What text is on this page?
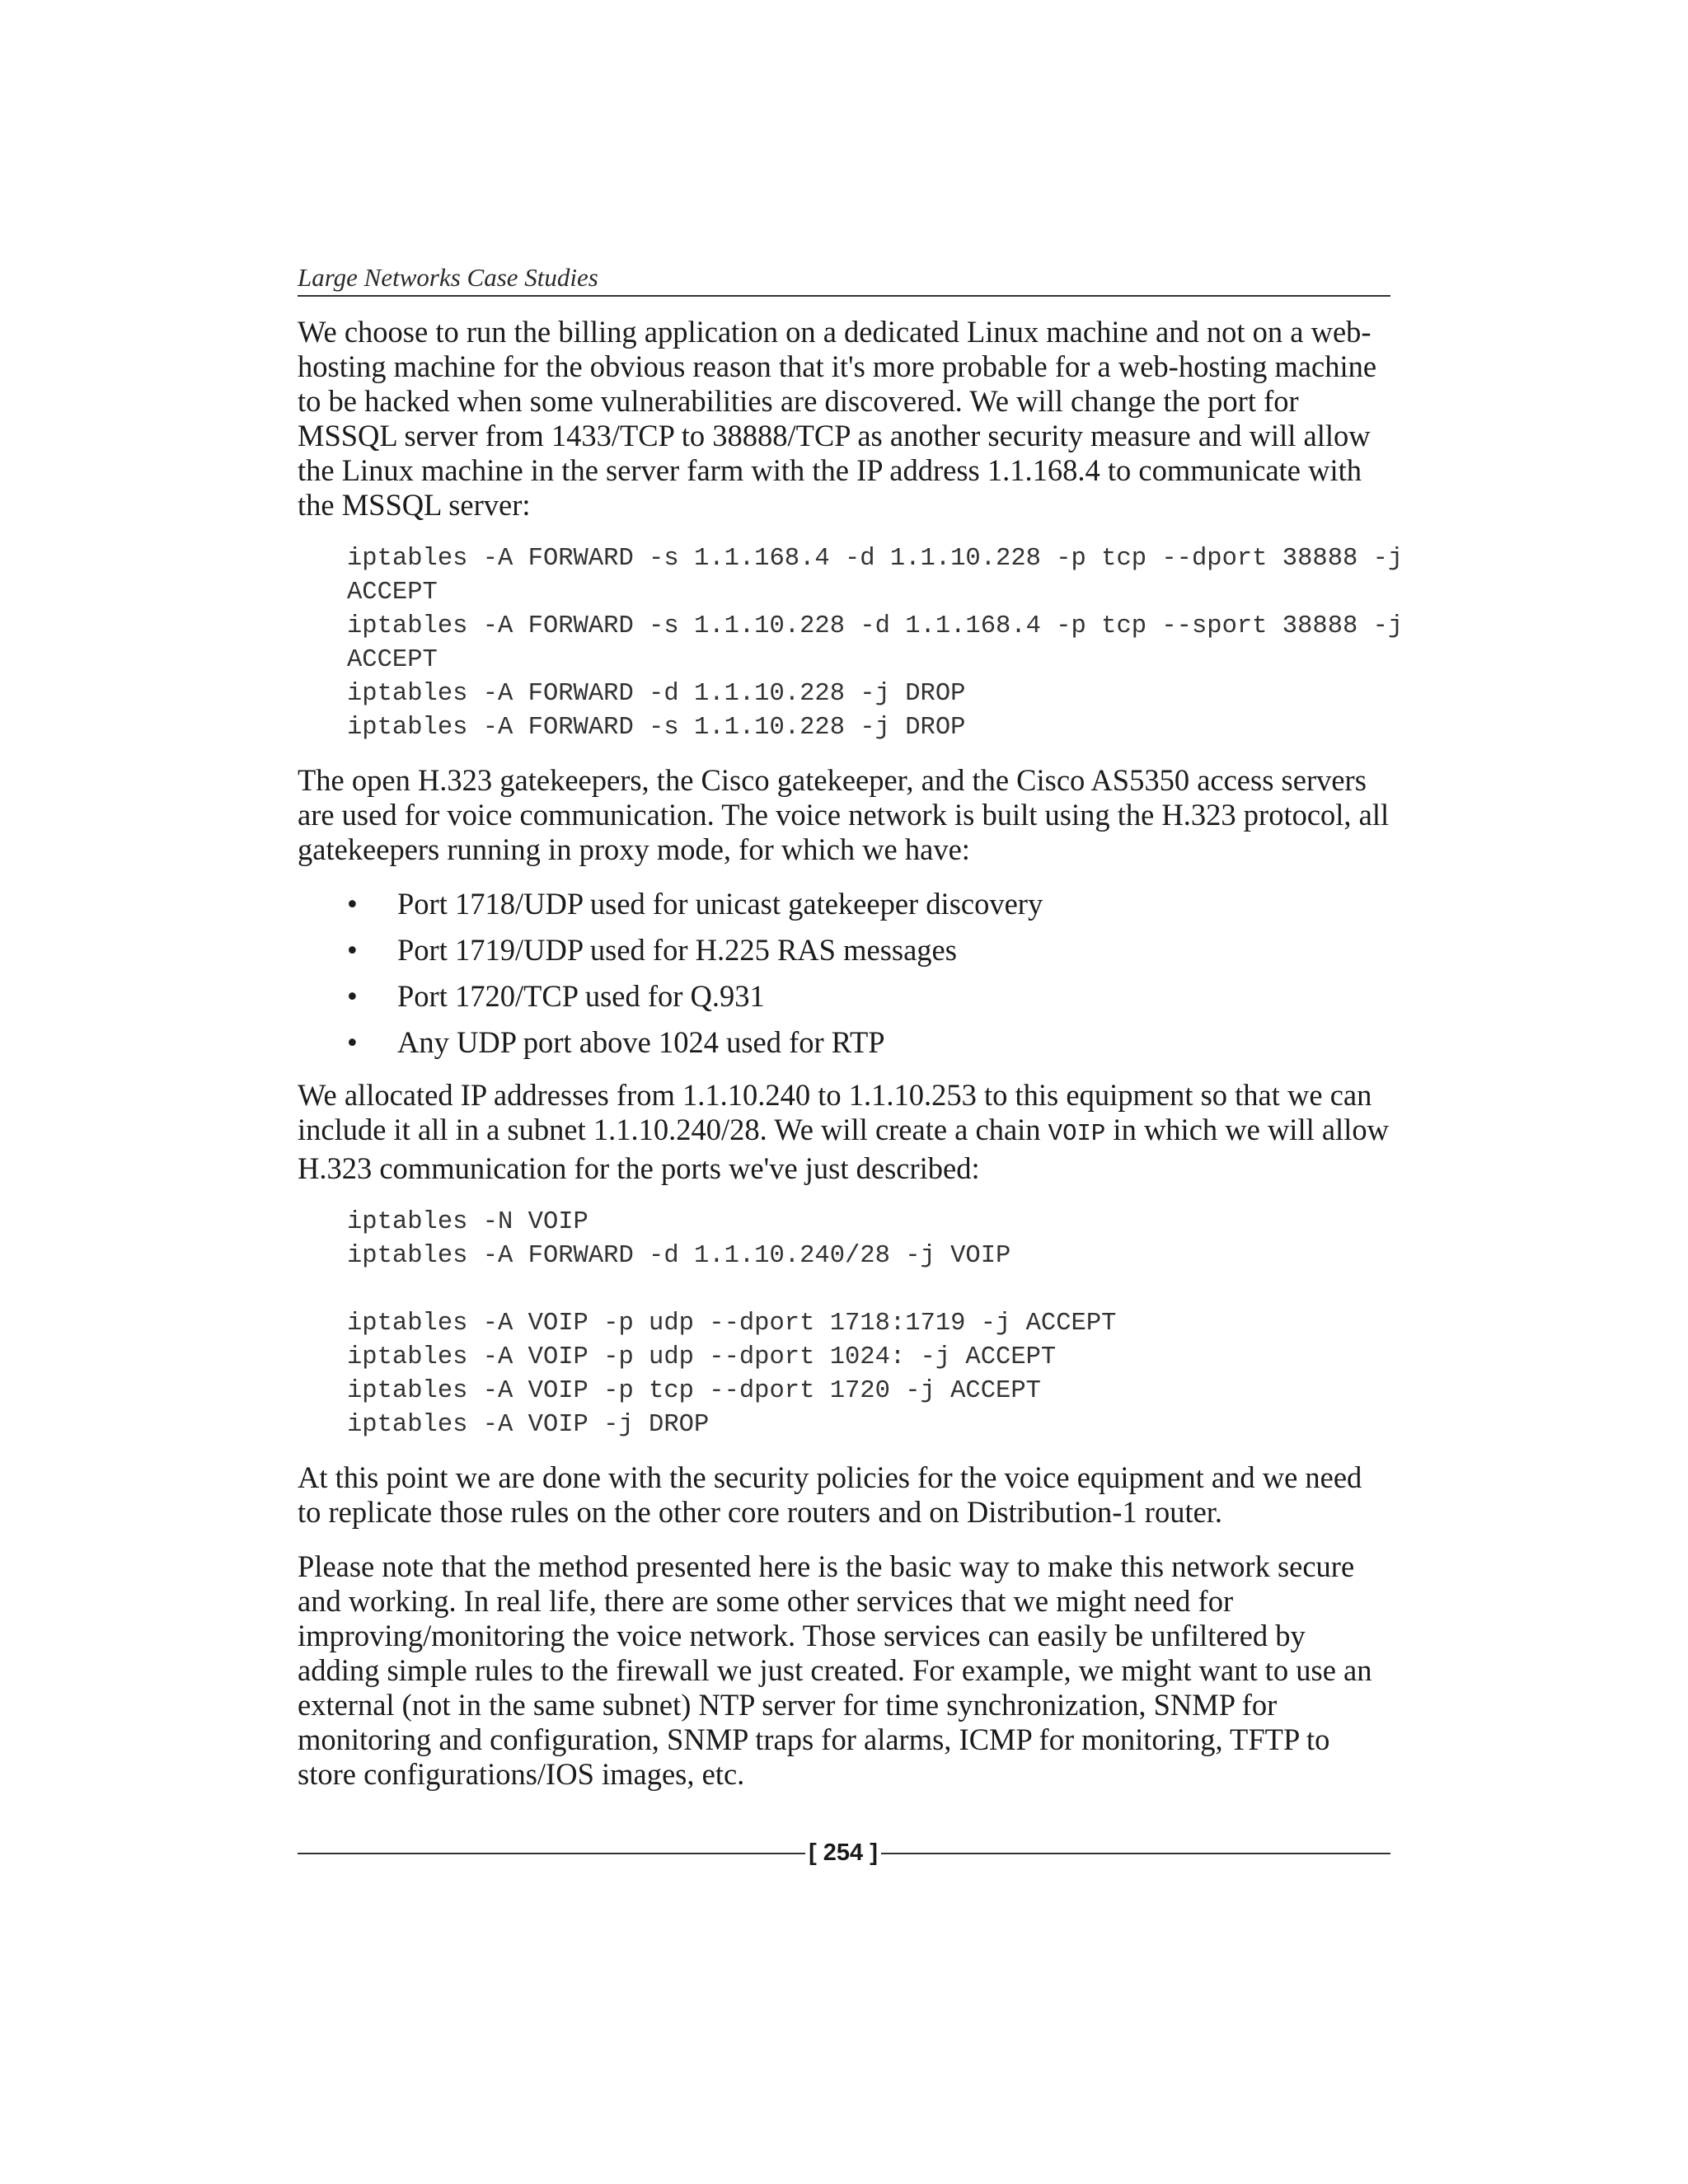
Large Networks Case Studies

We choose to run the billing application on a dedicated Linux machine and not on a web-hosting machine for the obvious reason that it's more probable for a web-hosting machine to be hacked when some vulnerabilities are discovered. We will change the port for MSSQL server from 1433/TCP to 38888/TCP as another security measure and will allow the Linux machine in the server farm with the IP address 1.1.168.4 to communicate with the MSSQL server:

iptables -A FORWARD -s 1.1.168.4 -d 1.1.10.228 -p tcp --dport 38888 -j
ACCEPT
iptables -A FORWARD -s 1.1.10.228 -d 1.1.168.4 -p tcp --sport 38888 -j
ACCEPT
iptables -A FORWARD -d 1.1.10.228 -j DROP
iptables -A FORWARD -s 1.1.10.228 -j DROP

The open H.323 gatekeepers, the Cisco gatekeeper, and the Cisco AS5350 access servers are used for voice communication. The voice network is built using the H.323 protocol, all gatekeepers running in proxy mode, for which we have:

• Port 1718/UDP used for unicast gatekeeper discovery
• Port 1719/UDP used for H.225 RAS messages
• Port 1720/TCP used for Q.931
• Any UDP port above 1024 used for RTP

We allocated IP addresses from 1.1.10.240 to 1.1.10.253 to this equipment so that we can include it all in a subnet 1.1.10.240/28. We will create a chain VOIP in which we will allow H.323 communication for the ports we've just described:

iptables -N VOIP
iptables -A FORWARD -d 1.1.10.240/28 -j VOIP

iptables -A VOIP -p udp --dport 1718:1719 -j ACCEPT
iptables -A VOIP -p udp --dport 1024: -j ACCEPT
iptables -A VOIP -p tcp --dport 1720 -j ACCEPT
iptables -A VOIP -j DROP

At this point we are done with the security policies for the voice equipment and we need to replicate those rules on the other core routers and on Distribution-1 router.

Please note that the method presented here is the basic way to make this network secure and working. In real life, there are some other services that we might need for improving/monitoring the voice network. Those services can easily be unfiltered by adding simple rules to the firewall we just created. For example, we might want to use an external (not in the same subnet) NTP server for time synchronization, SNMP for monitoring and configuration, SNMP traps for alarms, ICMP for monitoring, TFTP to store configurations/IOS images, etc.

[ 254 ]
